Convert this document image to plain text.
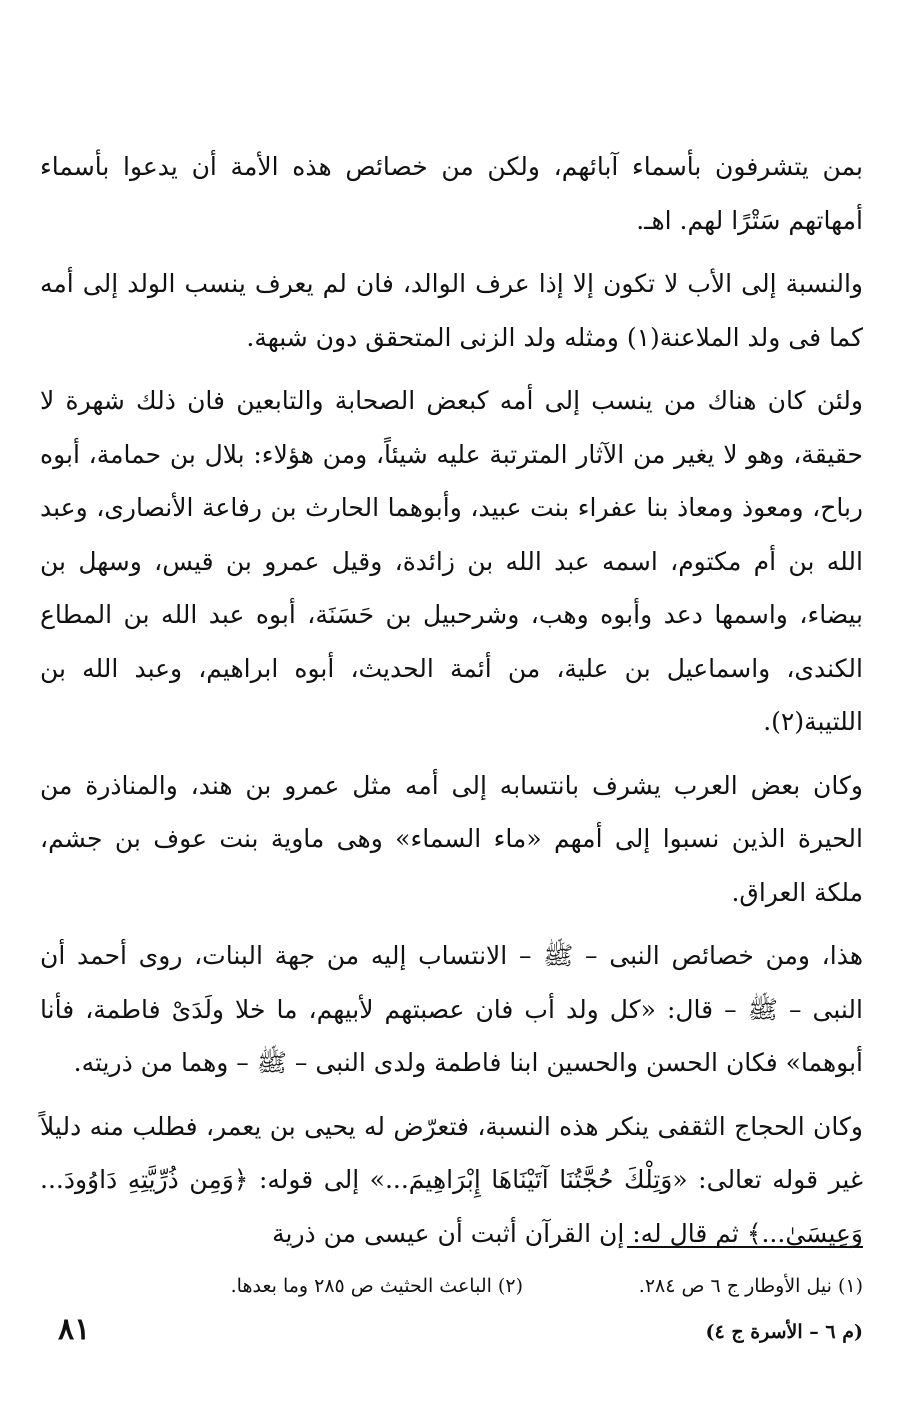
بمن يتشرفون بأسماء آبائهم، ولكن من خصائص هذه الأمة أن يدعوا بأسماء أمهاتهم سَتْرًا لهم. اهـ.

والنسبة إلى الأب لا تكون إلا إذا عرف الوالد، فان لم يعرف ينسب الولد إلى أمه كما فى ولد الملاعنة(١) ومثله ولد الزنى المتحقق دون شبهة.

ولئن كان هناك من ينسب إلى أمه كبعض الصحابة والتابعين فان ذلك شهرة لا حقيقة، وهو لا يغير من الآثار المترتبة عليه شيئاً، ومن هؤلاء: بلال بن حمامة، أبوه رباح، ومعوذ ومعاذ بنا عفراء بنت عبيد، وأبوهما الحارث بن رفاعة الأنصارى، وعبد الله بن أم مكتوم، اسمه عبد الله بن زائدة، وقيل عمرو بن قيس، وسهل بن بيضاء، واسمها دعد وأبوه وهب، وشرحبيل بن حَسَنَة، أبوه عبد الله بن المطاع الكندى، واسماعيل بن علية، من أئمة الحديث، أبوه ابراهيم، وعبد الله بن اللتيبة(٢).

وكان بعض العرب يشرف بانتسابه إلى أمه مثل عمرو بن هند، والمناذرة من الحيرة الذين نسبوا إلى أمهم «ماء السماء» وهى ماوية بنت عوف بن جشم، ملكة العراق.

هذا، ومن خصائص النبى – ﷺ – الانتساب إليه من جهة البنات، روى أحمد أن النبى – ﷺ – قال: «كل ولد أب فان عصبتهم لأبيهم، ما خلا ولَدَىْ فاطمة، فأنا أبوهما» فكان الحسن والحسين ابنا فاطمة ولدى النبى – ﷺ – وهما من ذريته.

وكان الحجاج الثقفى ينكر هذه النسبة، فتعرّض له يحيى بن يعمر، فطلب منه دليلاً غير قوله تعالى: «وَتِلْكَ حُجَّتُنَا آتَيْنَاهَا إِبْرَاهِيمَ...» إلى قوله: ﴿وَمِن ذُرِّيَّتِهِ دَاوُودَ... وَعِيسَىٰ...﴾ ثم قال له: إن القرآن أثبت أن عيسى من ذرية

(١) نيل الأوطار ج ٦ ص ٢٨٤.
(٢) الباعث الحثيث ص ٢٨٥ وما بعدها.
٨١	(م ٦ – الأسرة ج ٤)
